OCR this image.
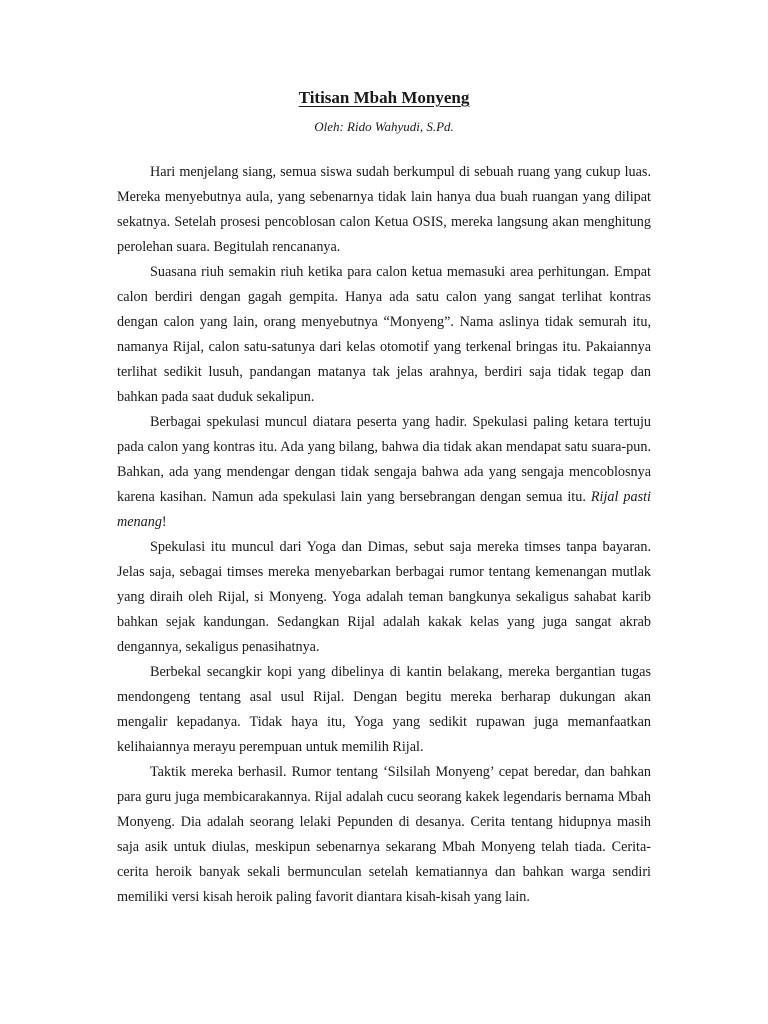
Titisan Mbah Monyeng
Oleh: Rido Wahyudi, S.Pd.

Hari menjelang siang, semua siswa sudah berkumpul di sebuah ruang yang cukup luas. Mereka menyebutnya aula, yang sebenarnya tidak lain hanya dua buah ruangan yang dilipat sekatnya. Setelah prosesi pencoblosan calon Ketua OSIS, mereka langsung akan menghitung perolehan suara. Begitulah rencananya.

Suasana riuh semakin riuh ketika para calon ketua memasuki area perhitungan. Empat calon berdiri dengan gagah gempita. Hanya ada satu calon yang sangat terlihat kontras dengan calon yang lain, orang menyebutnya “Monyeng”. Nama aslinya tidak semurah itu, namanya Rijal, calon satu-satunya dari kelas otomotif yang terkenal bringas itu. Pakaiannya terlihat sedikit lusuh, pandangan matanya tak jelas arahnya, berdiri saja tidak tegap dan bahkan pada saat duduk sekalipun.

Berbagai spekulasi muncul diatara peserta yang hadir. Spekulasi paling ketara tertuju pada calon yang kontras itu. Ada yang bilang, bahwa dia tidak akan mendapat satu suara-pun. Bahkan, ada yang mendengar dengan tidak sengaja bahwa ada yang sengaja mencoblosnya karena kasihan. Namun ada spekulasi lain yang bersebrangan dengan semua itu. Rijal pasti menang!

Spekulasi itu muncul dari Yoga dan Dimas, sebut saja mereka timses tanpa bayaran. Jelas saja, sebagai timses mereka menyebarkan berbagai rumor tentang kemenangan mutlak yang diraih oleh Rijal, si Monyeng. Yoga adalah teman bangkunya sekaligus sahabat karib bahkan sejak kandungan. Sedangkan Rijal adalah kakak kelas yang juga sangat akrab dengannya, sekaligus penasihatnya.

Berbekal secangkir kopi yang dibelinya di kantin belakang, mereka bergantian tugas mendongeng tentang asal usul Rijal. Dengan begitu mereka berharap dukungan akan mengalir kepadanya. Tidak haya itu, Yoga yang sedikit rupawan juga memanfaatkan kelihaiannya merayu perempuan untuk memilih Rijal.

Taktik mereka berhasil. Rumor tentang ‘Silsilah Monyeng’ cepat beredar, dan bahkan para guru juga membicarakannya. Rijal adalah cucu seorang kakek legendaris bernama Mbah Monyeng. Dia adalah seorang lelaki Pepunden di desanya. Cerita tentang hidupnya masih saja asik untuk diulas, meskipun sebenarnya sekarang Mbah Monyeng telah tiada. Cerita-cerita heroik banyak sekali bermunculan setelah kematiannya dan bahkan warga sendiri memiliki versi kisah heroik paling favorit diantara kisah-kisah yang lain.
